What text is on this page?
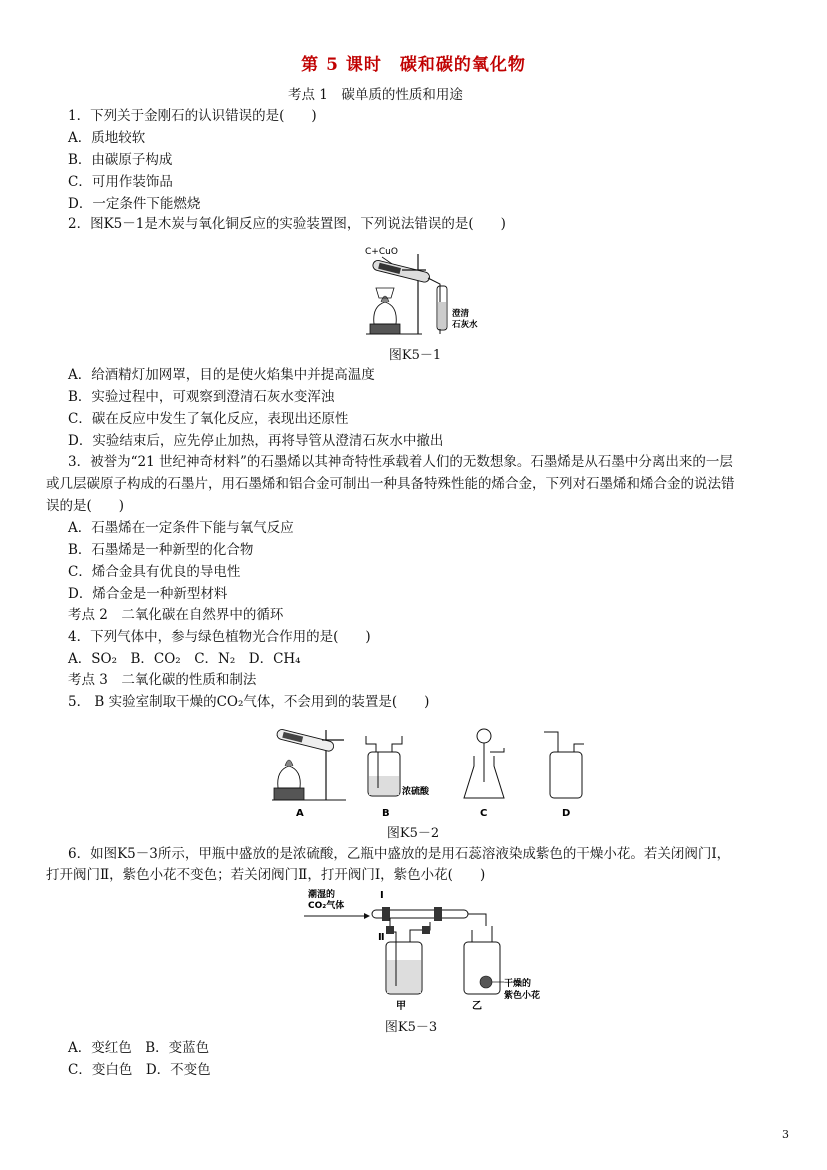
第 5 课时　碳和碳的氧化物
考点 1　碳单质的性质和用途
1．下列关于金刚石的认识错误的是(　　)
A．质地较软
B．由碳原子构成
C．可用作装饰品
D．一定条件下能燃烧
2．图K5－1是木炭与氧化铜反应的实验装置图，下列说法错误的是(　　)
C+CuO
澄清
石灰水
图K5－1
A．给酒精灯加网罩，目的是使火焰集中并提高温度
B．实验过程中，可观察到澄清石灰水变浑浊
C．碳在反应中发生了氧化反应，表现出还原性
D．实验结束后，应先停止加热，再将导管从澄清石灰水中撤出
3．被誉为“21 世纪神奇材料”的石墨烯以其神奇特性承载着人们的无数想象。石墨烯是从石墨中分离出来的一层
或几层碳原子构成的石墨片，用石墨烯和铝合金可制出一种具备特殊性能的烯合金，下列对石墨烯和烯合金的说法错
误的是(　　)
A．石墨烯在一定条件下能与氧气反应
B．石墨烯是一种新型的化合物
C．烯合金具有优良的导电性
D．烯合金是一种新型材料
考点 2　二氧化碳在自然界中的循环
4．下列气体中，参与绿色植物光合作用的是(　　)
A．SO₂　B．CO₂　C．N₂　D．CH₄
考点 3　二氧化碳的性质和制法
5． B 实验室制取干燥的CO₂气体，不会用到的装置是(　　)
A	B
浓硫酸
C	D
图K5－2
6．如图K5－3所示，甲瓶中盛放的是浓硫酸，乙瓶中盛放的是用石蕊溶液染成紫色的干燥小花。若关闭阀门Ⅰ，
打开阀门Ⅱ，紫色小花不变色；若关闭阀门Ⅱ，打开阀门Ⅰ，紫色小花(　　)
潮湿的
CO₂气体
Ⅰ
Ⅱ
甲	乙
干燥的
紫色小花
图K5－3
A．变红色　B．变蓝色
C．变白色　D．不变色
3
